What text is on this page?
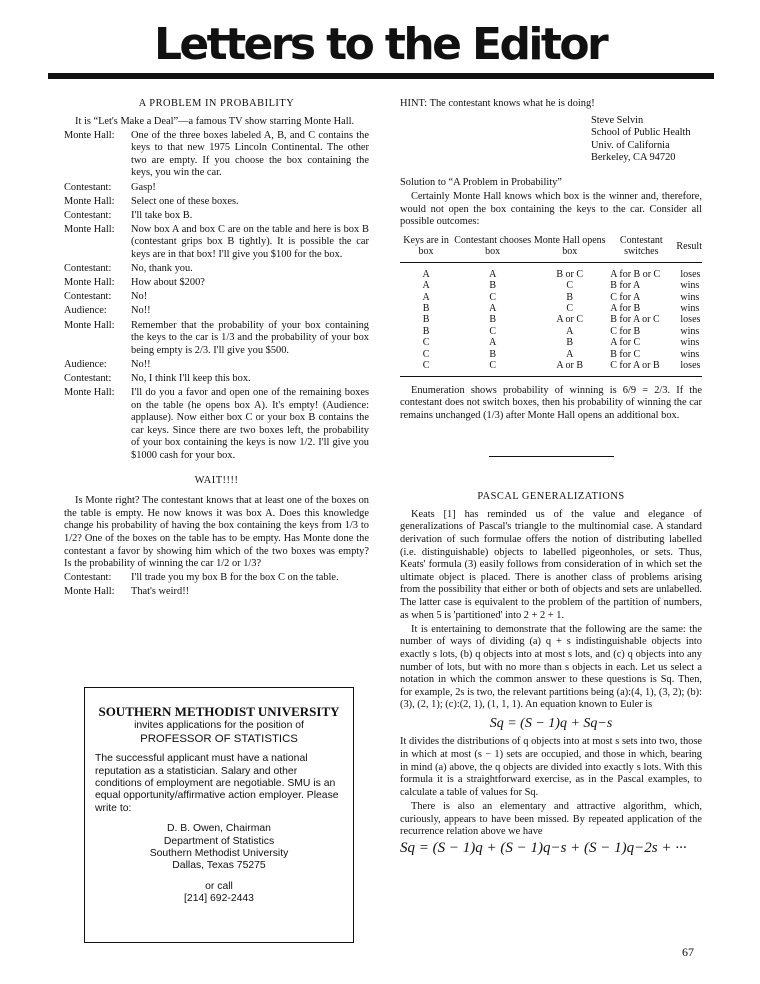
Letters to the Editor
A PROBLEM IN PROBABILITY

It is “Let's Make a Deal”—a famous TV show starring Monte Hall.

Monte Hall:	One of the three boxes labeled A, B, and C contains the keys to that new 1975 Lincoln Continental. The other two are empty. If you choose the box containing the keys, you win the car.
Contestant:	Gasp!
Monte Hall:	Select one of these boxes.
Contestant:	I'll take box B.
Monte Hall:	Now box A and box C are on the table and here is box B (contestant grips box B tightly). It is possible the car keys are in that box! I'll give you $100 for the box.
Contestant:	No, thank you.
Monte Hall:	How about $200?
Contestant:	No!
Audience:	No!!
Monte Hall:	Remember that the probability of your box containing the keys to the car is 1/3 and the probability of your box being empty is 2/3. I'll give you $500.
Audience:	No!!
Contestant:	No, I think I'll keep this box.
Monte Hall:	I'll do you a favor and open one of the remaining boxes on the table (he opens box A). It's empty! (Audience: applause). Now either box C or your box B contains the car keys. Since there are two boxes left, the probability of your box containing the keys is now 1/2. I'll give you $1000 cash for your box.
WAIT!!!!

Is Monte right? The contestant knows that at least one of the boxes on the table is empty. He now knows it was box A. Does this knowledge change his probability of having the box containing the keys from 1/3 to 1/2? One of the boxes on the table has to be empty. Has Monte done the contestant a favor by showing him which of the two boxes was empty? Is the probability of winning the car 1/2 or 1/3?

Contestant:	I'll trade you my box B for the box C on the table.
Monte Hall:	That's weird!!

HINT: The contestant knows what he is doing!

Steve Selvin
School of Public Health
Univ. of California
Berkeley, CA 94720

Solution to “A Problem in Probability”

Certainly Monte Hall knows which box is the winner and, therefore, would not open the box containing the keys to the car. Consider all possible outcomes:

Keys are in box	Contestant chooses box	Monte Hall opens box	Contestant switches	Result
A	A	B or C	A for B or C	loses
A	B	C	B for A	wins
A	C	B	C for A	wins
B	A	C	A for B	wins
B	B	A or C	B for A or C	loses
B	C	A	C for B	wins
C	A	B	A for C	wins
C	B	A	B for C	wins
C	C	A or B	C for A or B	loses

Enumeration shows probability of winning is 6/9 = 2/3. If the contestant does not switch boxes, then his probability of winning the car remains unchanged (1/3) after Monte Hall opens an additional box.

PASCAL GENERALIZATIONS

Keats [1] has reminded us of the value and elegance of generalizations of Pascal's triangle to the multinomial case. A standard derivation of such formulae offers the notion of distributing labelled (i.e. distinguishable) objects to labelled pigeonholes, or sets. Thus, Keats' formula (3) easily follows from consideration of in which set the ultimate object is placed. There is another class of problems arising from the possibility that either or both of objects and sets are unlabelled. The latter case is equivalent to the problem of the partition of numbers, as when 5 is 'partitioned' into 2 + 2 + 1.

It is entertaining to demonstrate that the following are the same: the number of ways of dividing (a) q + s indistinguishable objects into exactly s lots, (b) q objects into at most s lots, and (c) q objects into any number of lots, but with no more than s objects in each. Let us select a notation in which the common answer to these questions is Sq. Then, for example, 2s is two, the relevant partitions being (a):(4, 1), (3, 2); (b):(3), (2, 1); (c):(2, 1), (1, 1, 1). An equation known to Euler is

Sq = (S − 1)q + Sq−s

It divides the distributions of q objects into at most s sets into two, those in which at most (s − 1) sets are occupied, and those in which, bearing in mind (a) above, the q objects are divided into exactly s lots. With this formula it is a straightforward exercise, as in the Pascal examples, to calculate a table of values for Sq.

There is also an elementary and attractive algorithm, which, curiously, appears to have been missed. By repeated application of the recurrence relation above we have

Sq = (S − 1)q + (S − 1)q−s + (S − 1)q−2s + ···
SOUTHERN METHODIST UNIVERSITY
invites applications for the position of
PROFESSOR OF STATISTICS
The successful applicant must have a national reputation as a statistician. Salary and other conditions of employment are negotiable. SMU is an equal opportunity/affirmative action employer. Please write to:
D. B. Owen, Chairman
Department of Statistics
Southern Methodist University
Dallas, Texas 75275
or call
[214] 692-2443
67
